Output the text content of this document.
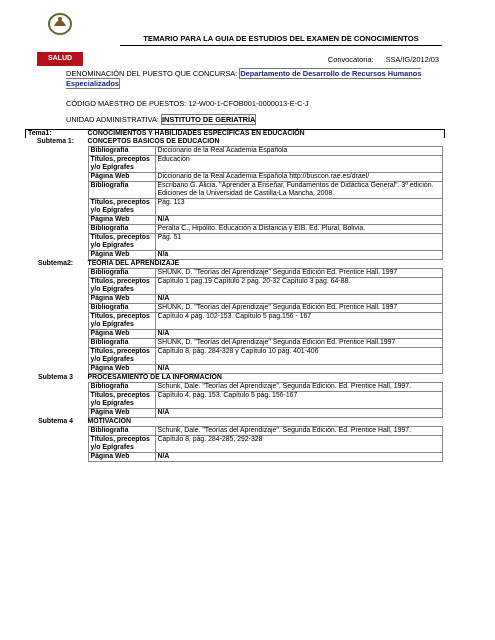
SALUD
TEMARIO PARA LA GUIA DE ESTUDIOS DEL EXAMEN DE CONOCIMIENTOS
Convocatoria: SSA/IG/2012/03
DENOMINACIÓN DEL PUESTO QUE CONCURSA: Departamento de Desarrollo de Recursos Humanos Especializados
CÓDIGO MAESTRO DE PUESTOS: 12-W00-1-CFOB001-0000013-E-C-J
UNIDAD ADMINISTRATIVA: INSTITUTO DE GERIATRÍA
Tema1:	CONOCIMIENTOS Y HABILIDADES ESPECÍFICAS EN EDUCACIÓN
Subtema 1:	CONCEPTOS BASICOS DE EDUCACION

Bibliografía	Diccionario de la Real Academia Española
Títulos, preceptos y/o Epígrafes	Educación
Página Web	Diccionario de la Real Academia Española http://buscon.rae.es/draeI/
Bibliografía	Escribano G. Alicia. "Aprender a Enseñar, Fundamentos de Didáctica General". 3ª edición. Ediciones de la Universidad de Castilla-La Mancha, 2008.
Títulos, preceptos y/o Epígrafes	Pág. 113
Página Web	N/A
Bibliografía	Peralta C., Hipólito. Educación a Distancia y EIB. Ed. Plural, Bolivia.
Títulos, preceptos y/o Epígrafes	Pág. 51
Página Web	N/a

Subtema2:	TEORIA DEL APRENDIZAJE

Bibliografía	SHUNK, D. "Teorías del Aprendizaje" Segunda Edición Ed. Prentice Hall. 1997
Títulos, preceptos y/o Epígrafes	Capítulo 1 pag.19 Capítulo 2 pág. 20-32 Capítulo 3 pág. 64-88.
Página Web	N/A
Bibliografía	SHUNK, D. "Teorías del Aprendizaje" Segunda Edición Ed. Prentice Hall. 1997
Títulos, preceptos y/o Epígrafes	Capítulo 4 pág. 102-153. Capítulo 5 pag.156 - 167
Página Web	N/A
Bibliografía	SHUNK, D. "Teorías del Aprendizaje" Segunda Edición Ed. Prentice Hall.1997
Títulos, preceptos y/o Epígrafes	Capítulo 8, pág. 284-328 y Capítulo 10 pág. 401-406
Página Web	N/A

Subtema 3	PROCESAMIENTO DE LA INFORMACION

Bibliografía	Schunk, Dale. "Teorías del Aprendizaje". Segunda Edición. Ed. Prentice Hall, 1997.
Títulos, preceptos y/o Epígrafes	Capítulo 4, pág. 153. Capítulo 5 pág. 156-167
Página Web	N/A

Subtema 4	MOTIVACION

Bibliografía	Schunk, Dale. "Teorías del Aprendizaje". Segunda Edición. Ed. Prentice Hall, 1997.
Títulos, preceptos y/o Epígrafes	Capítulo 8, pág. 284-285, 292-328
Página Web	N/A
